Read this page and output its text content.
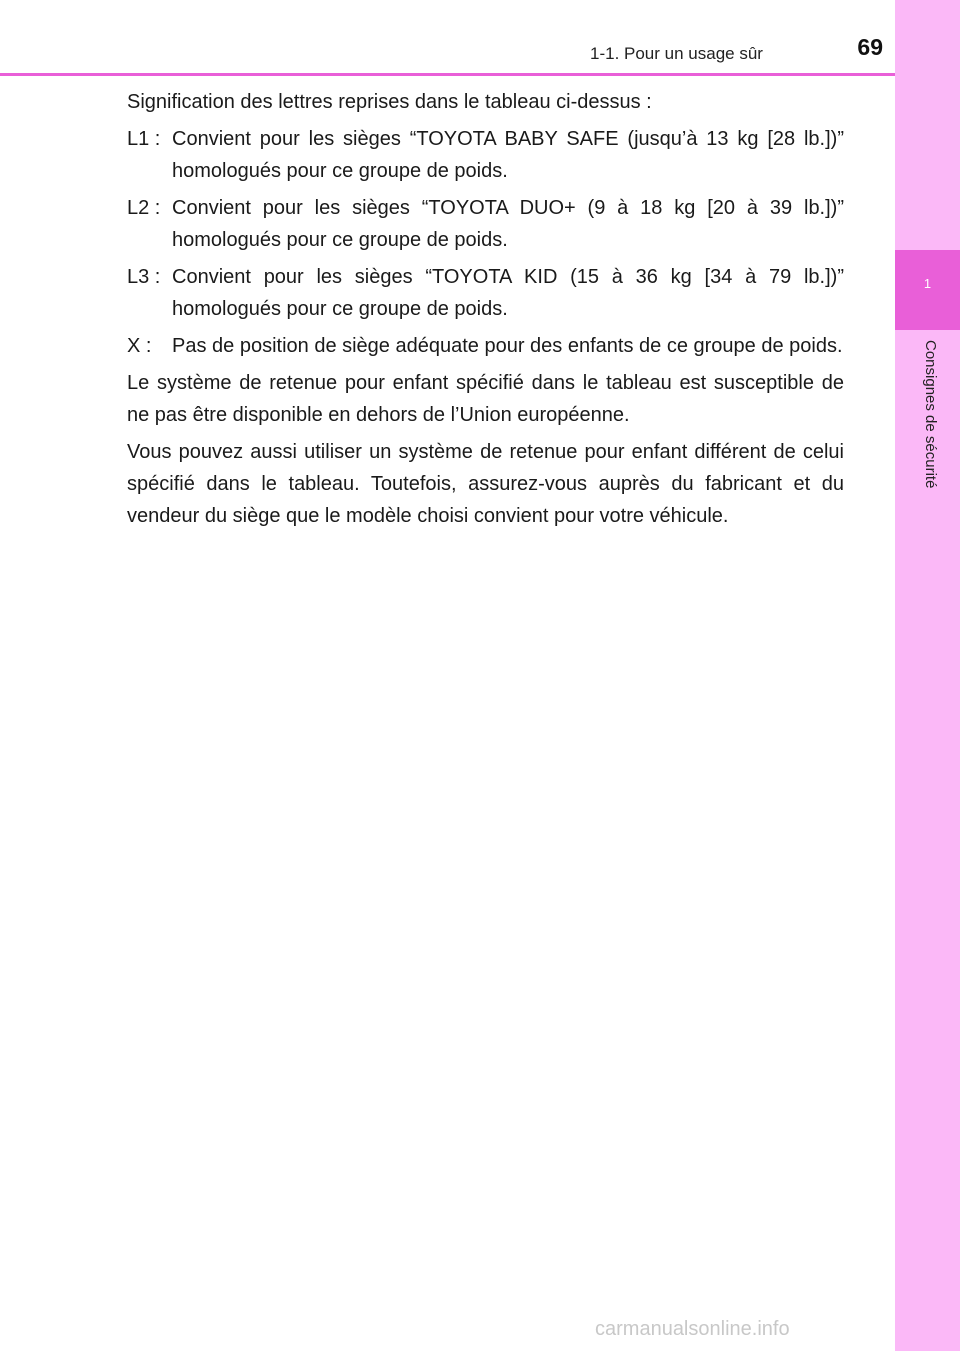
1
Consignes de sécurité
1-1. Pour un usage sûr	69

Signification des lettres reprises dans le tableau ci-dessus :

L1 : Convient pour les sièges “TOYOTA BABY SAFE (jusqu’à 13 kg [28 lb.])” homologués pour ce groupe de poids.
L2 : Convient pour les sièges “TOYOTA DUO+ (9 à 18 kg [20 à 39 lb.])” homologués pour ce groupe de poids.
L3 : Convient pour les sièges “TOYOTA KID (15 à 36 kg [34 à 79 lb.])” homologués pour ce groupe de poids.
X :	Pas de position de siège adéquate pour des enfants de ce groupe de poids.

Le système de retenue pour enfant spécifié dans le tableau est susceptible de ne pas être disponible en dehors de l’Union européenne.

Vous pouvez aussi utiliser un système de retenue pour enfant différent de celui spécifié dans le tableau. Toutefois, assurez-vous auprès du fabricant et du vendeur du siège que le modèle choisi convient pour votre véhicule.

carmanualsonline.info
